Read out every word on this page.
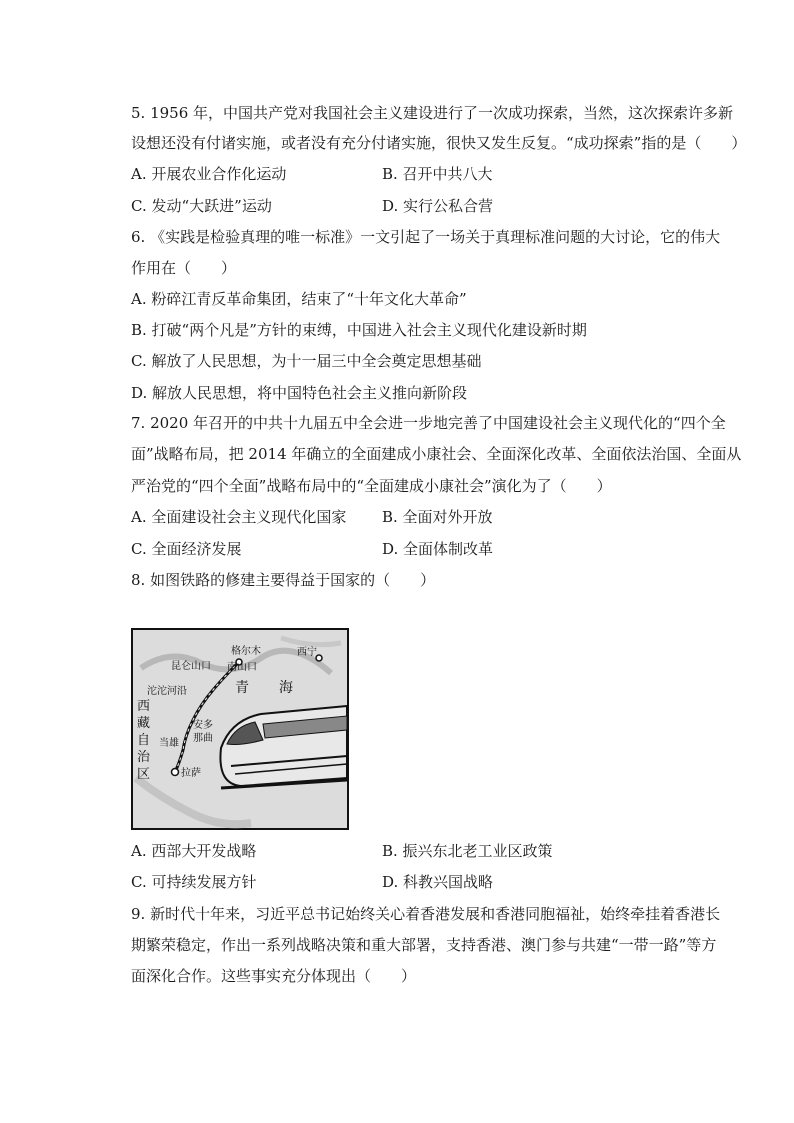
5. 1956 年，中国共产党对我国社会主义建设进行了一次成功探索，当然，这次探索许多新
设想还没有付诸实施，或者没有充分付诸实施，很快又发生反复。“成功探索”指的是（　　）
A. 开展农业合作化运动	B. 召开中共八大
C. 发动“大跃进”运动	D. 实行公私合营
6. 《实践是检验真理的唯一标准》一文引起了一场关于真理标准问题的大讨论，它的伟大
作用在（　　）
A. 粉碎江青反革命集团，结束了“十年文化大革命”
B. 打破“两个凡是”方针的束缚，中国进入社会主义现代化建设新时期
C. 解放了人民思想，为十一届三中全会奠定思想基础
D. 解放人民思想，将中国特色社会主义推向新阶段
7. 2020 年召开的中共十九届五中全会进一步地完善了中国建设社会主义现代化的“四个全
面”战略布局，把 2014 年确立的全面建成小康社会、全面深化改革、全面依法治国、全面从
严治党的“四个全面”战略布局中的“全面建成小康社会”演化为了（　　）
A. 全面建设社会主义现代化国家 B. 全面对外开放
C. 全面经济发展	D. 全面体制改革
8. 如图铁路的修建主要得益于国家的（　　）
格尔木	西宁
昆仑山口 南山口
沱沱河沿	青 海
安多
那曲
当雄
拉萨
西
藏
自
治
区
A. 西部大开发战略	B. 振兴东北老工业区政策
C. 可持续发展方针	D. 科教兴国战略
9. 新时代十年来，习近平总书记始终关心着香港发展和香港同胞福祉，始终牵挂着香港长
期繁荣稳定，作出一系列战略决策和重大部署，支持香港、澳门参与共建“一带一路”等方
面深化合作。这些事实充分体现出（　　）
